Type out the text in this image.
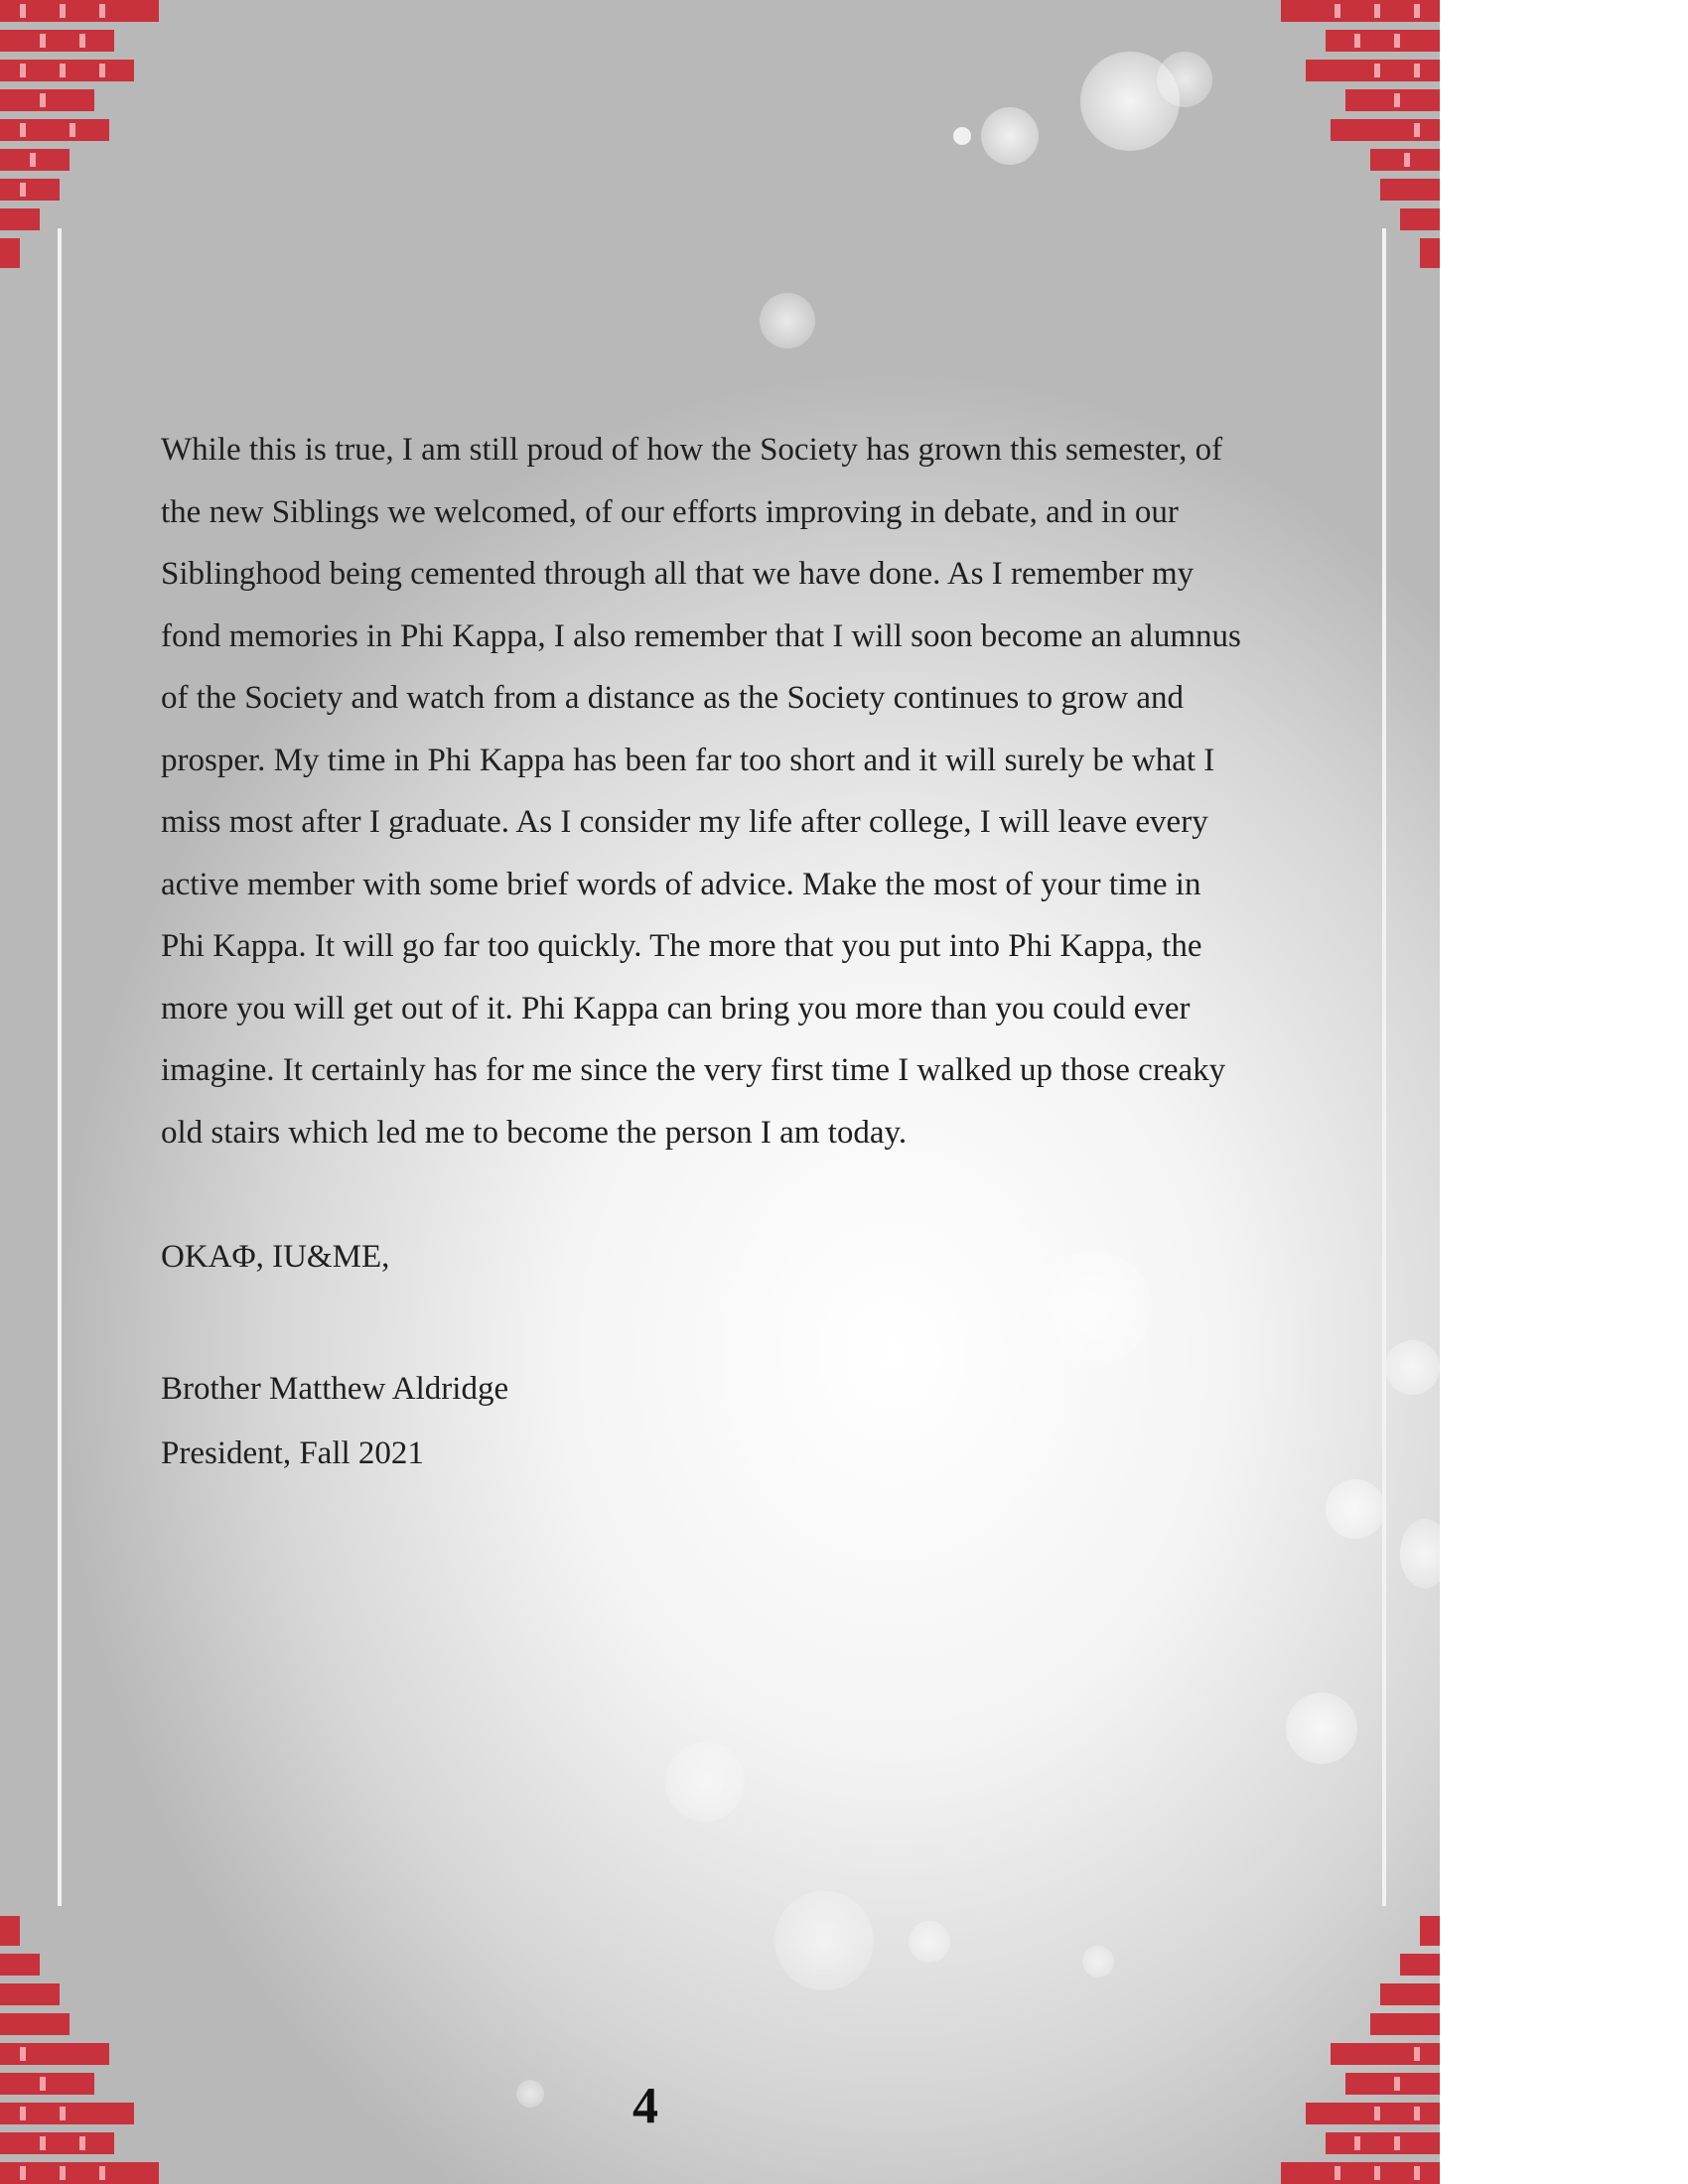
While this is true, I am still proud of how the Society has grown this semester, of
the new Siblings we welcomed, of our efforts improving in debate, and in our
Siblinghood being cemented through all that we have done. As I remember my
fond memories in Phi Kappa, I also remember that I will soon become an alumnus
of the Society and watch from a distance as the Society continues to grow and
prosper. My time in Phi Kappa has been far too short and it will surely be what I
miss most after I graduate. As I consider my life after college, I will leave every
active member with some brief words of advice. Make the most of your time in
Phi Kappa. It will go far too quickly. The more that you put into Phi Kappa, the
more you will get out of it. Phi Kappa can bring you more than you could ever
imagine. It certainly has for me since the very first time I walked up those creaky
old stairs which led me to become the person I am today.

OKAΦ, IU&ME,
Brother Matthew Aldridge
President, Fall 2021
4
